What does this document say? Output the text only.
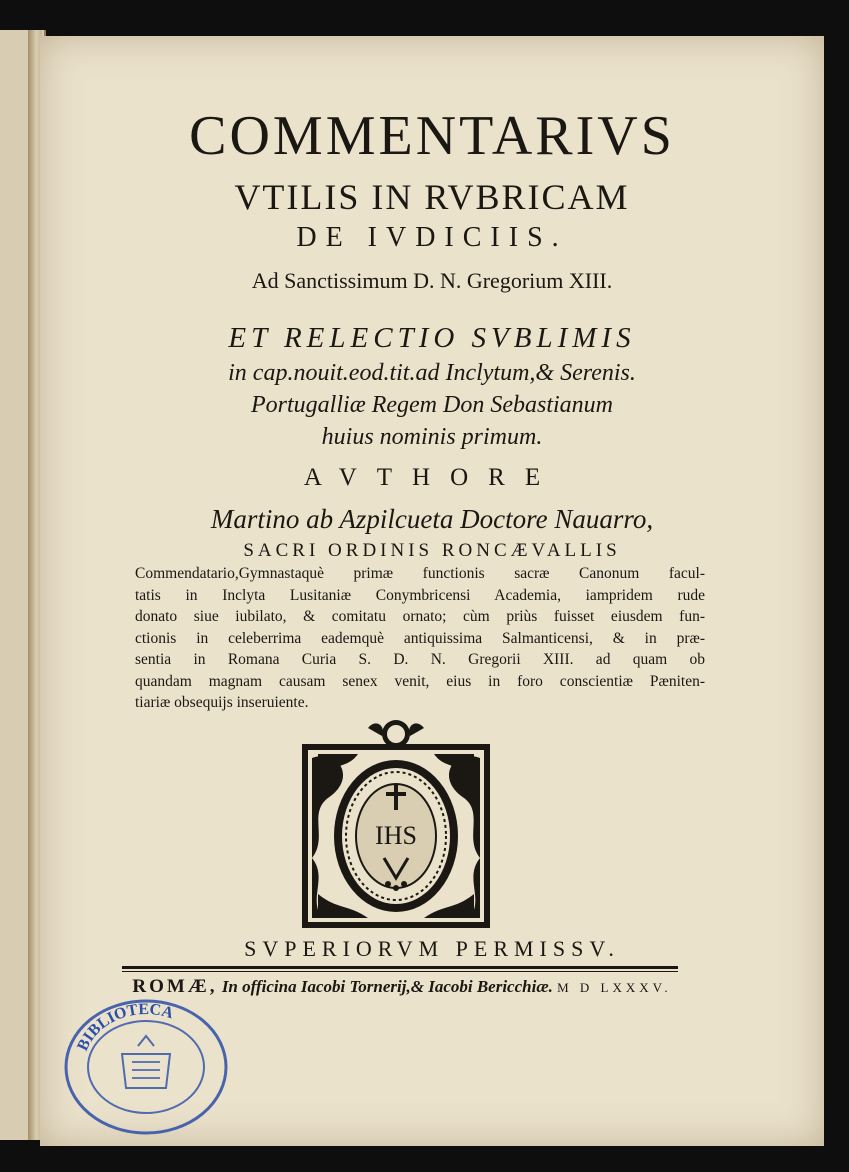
COMMENTARIVS
VTILIS IN RVBRICAM
DE IVDICIIS.
Ad Sanctissimum D. N. Gregorium XIII.
ET RELECTIO SVBLIMIS
in cap.nouit.eod.tit.ad Inclytum,& Serenis.
Portugalliæ Regem Don Sebastianum
huius nominis primum.
AVTHORE
Martino ab Azpilcueta Doctore Nauarro,
SACRI ORDINIS RONCÆVALLIS
Commendatario,Gymnastaquè primæ functionis sacræ Canonum facul-
tatis in Inclyta Lusitaniæ Conymbricensi Academia, iampridem rude
donato siue iubilato, & comitatu ornato; cùm priùs fuisset eiusdem fun-
ctionis in celeberrima eademquè antiquissima Salmanticensi, & in præ-
sentia in Romana Curia S. D. N. Gregorii XIII. ad quam ob
quandam magnam causam senex venit, eius in foro conscientiæ Pæniten-
tiariæ obsequijs inseruiente.
IHS
SVPERIORVM PERMISSV.
ROMÆ, In officina Iacobi Tornerij,& Iacobi Bericchiæ. M D LXXXV.
BIBLIOTECA
